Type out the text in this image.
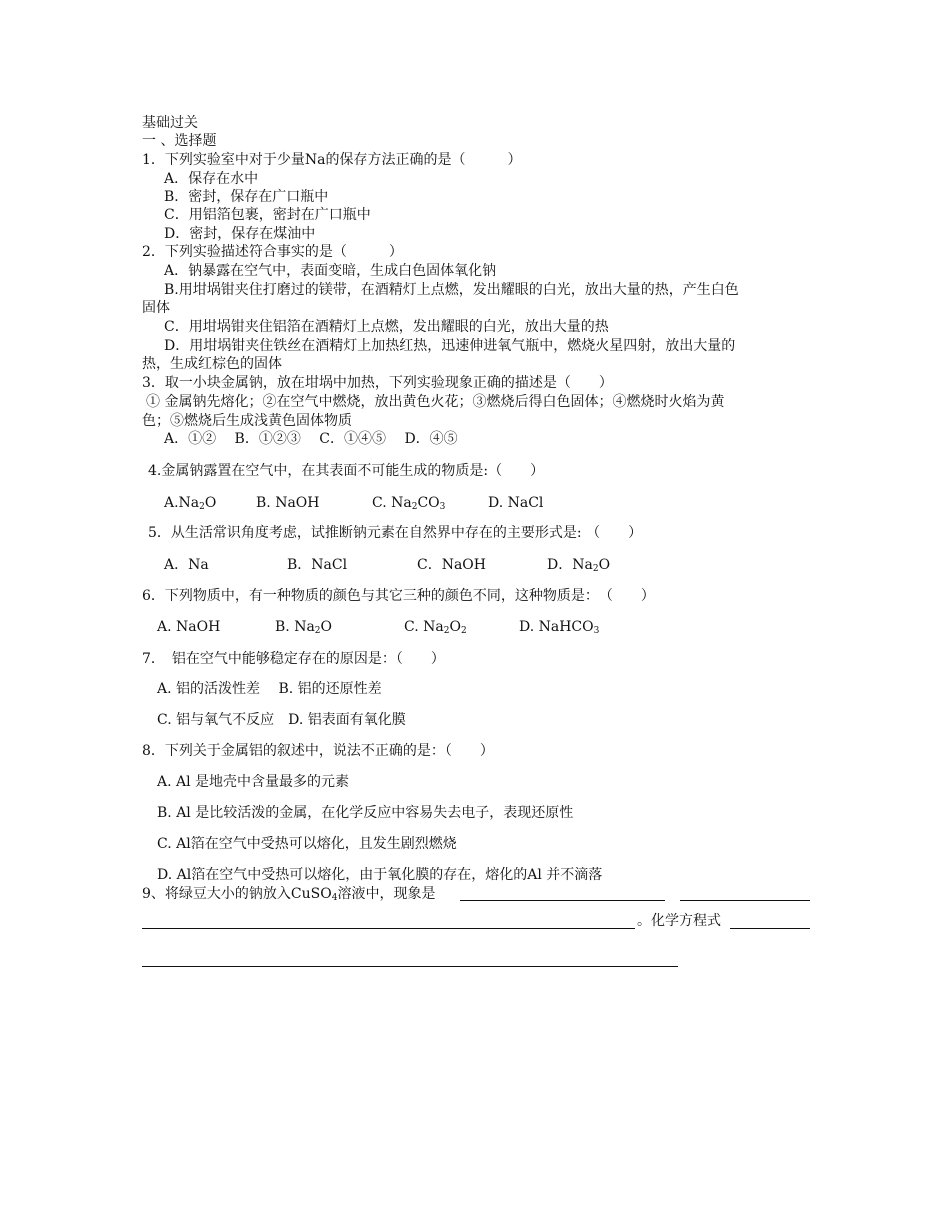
基础过关
一 、选择题
1．下列实验室中对于少量Na的保存方法正确的是（　　　）
A．保存在水中
B．密封，保存在广口瓶中
C．用铝箔包裹，密封在广口瓶中
D．密封，保存在煤油中
2．下列实验描述符合事实的是（　　　）
A．钠暴露在空气中，表面变暗，生成白色固体氧化钠
B.用坩埚钳夹住打磨过的镁带，在酒精灯上点燃，发出耀眼的白光，放出大量的热，产生白色
固体
C．用坩埚钳夹住铝箔在酒精灯上点燃，发出耀眼的白光，放出大量的热
D．用坩埚钳夹住铁丝在酒精灯上加热红热，迅速伸进氧气瓶中，燃烧火星四射，放出大量的
热，生成红棕色的固体
3．取一小块金属钠，放在坩埚中加热，下列实验现象正确的描述是（　　）
① 金属钠先熔化；②在空气中燃烧，放出黄色火花；③燃烧后得白色固体；④燃烧时火焰为黄
色；⑤燃烧后生成浅黄色固体物质
A．①②　 B．①②③　 C．①④⑤　 D．④⑤
4.金属钠露置在空气中，在其表面不可能生成的物质是:（　　）
$A.Na_2O$	B. NaOH	C. $Na_2CO_3$	D. NaCl
5．从生活常识角度考虑，试推断钠元素在自然界中存在的主要形式是: （　　）
A．Na	B．NaCl	C．NaOH	D．$Na_2O$
6．下列物质中，有一种物质的颜色与其它三种的颜色不同，这种物质是：　（　　）
A. NaOH	B. $Na_2O$	C. $Na_2O_2$	D. NaHCO$_3$
7．　铝在空气中能够稳定存在的原因是：（　　）
A. 铝的活泼性差　 B. 铝的还原性差
C. 铝与氧气不反应　D. 铝表面有氧化膜
8．下列关于金属铝的叙述中，说法不正确的是：（　　）
A. Al 是地壳中含量最多的元素
B. Al 是比较活泼的金属，在化学反应中容易失去电子，表现还原性
C. Al箔在空气中受热可以熔化，且发生剧烈燃烧
D. Al箔在空气中受热可以熔化，由于氧化膜的存在，熔化的Al 并不滴落
9、将绿豆大小的钠放入CuSO$_4$溶液中，现象是
。化学方程式
